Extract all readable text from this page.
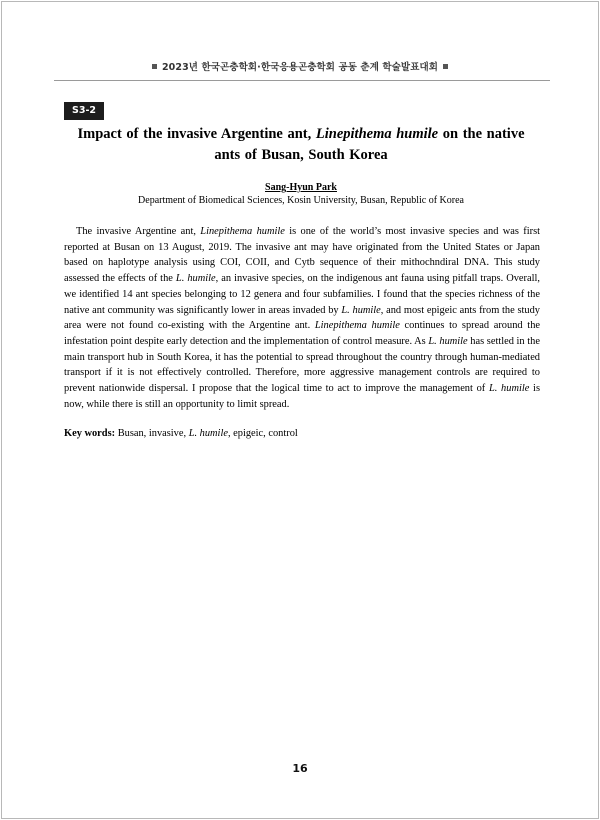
2023년 한국곤충학회·한국응용곤충학회 공동 춘계 학술발표대회
S3-2
Impact of the invasive Argentine ant, Linepithema humile on the native ants of Busan, South Korea
Sang-Hyun Park
Department of Biomedical Sciences, Kosin University, Busan, Republic of Korea

The invasive Argentine ant, Linepithema humile is one of the world’s most invasive species and was first reported at Busan on 13 August, 2019. The invasive ant may have originated from the United States or Japan based on haplotype analysis using COI, COII, and Cytb sequence of their mithochndiral DNA. This study assessed the effects of the L. humile, an invasive species, on the indigenous ant fauna using pitfall traps. Overall, we identified 14 ant species belonging to 12 genera and four subfamilies. I found that the species richness of the native ant community was significantly lower in areas invaded by L. humile, and most epigeic ants from the study area were not found co-existing with the Argentine ant. Linepithema humile continues to spread around the infestation point despite early detection and the implementation of control measure. As L. humile has settled in the main transport hub in South Korea, it has the potential to spread throughout the country through human-mediated transport if it is not effectively controlled. Therefore, more aggressive management controls are required to prevent nationwide dispersal. I propose that the logical time to act to improve the management of L. humile is now, while there is still an opportunity to limit spread.

Key words: Busan, invasive, L. humile, epigeic, control

16
